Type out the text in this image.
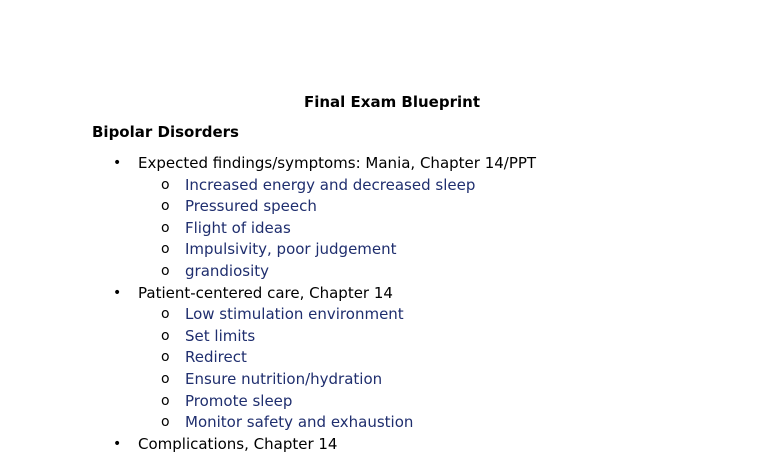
Final Exam Blueprint
Bipolar Disorders
• Expected findings/symptoms: Mania, Chapter 14/PPT
o Increased energy and decreased sleep
o Pressured speech
o Flight of ideas
o Impulsivity, poor judgement
o grandiosity
• Patient-centered care, Chapter 14
o Low stimulation environment
o Set limits
o Redirect
o Ensure nutrition/hydration
o Promote sleep
o Monitor safety and exhaustion
• Complications, Chapter 14
